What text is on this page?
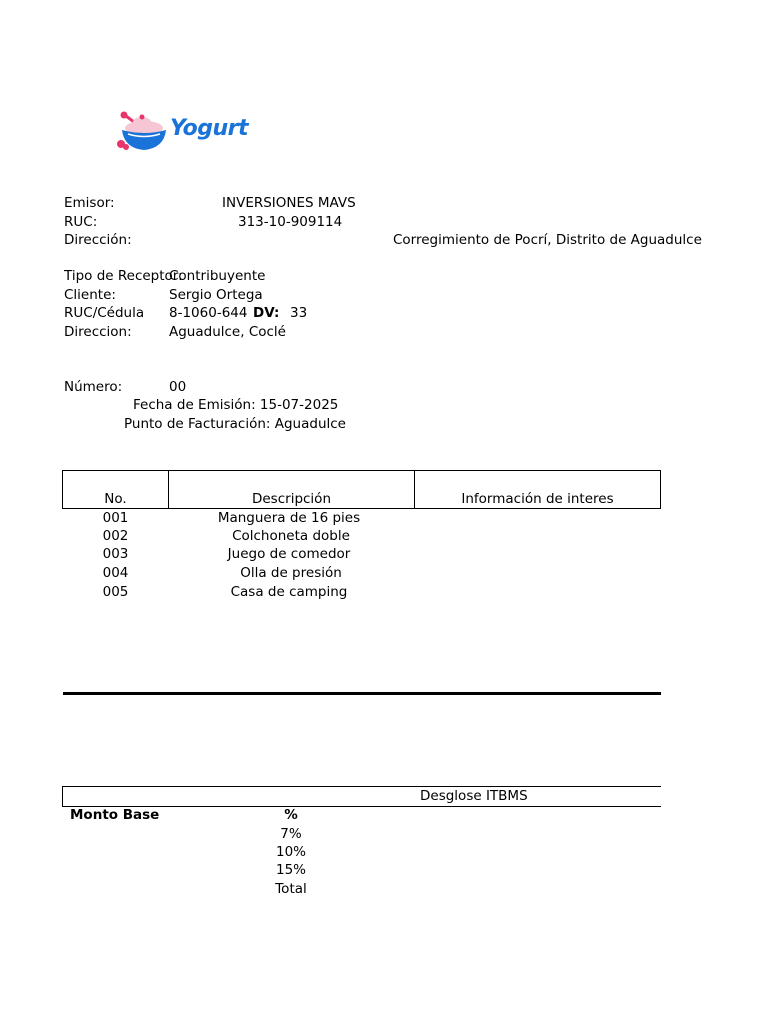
Yogurt
Emisor:	INVERSIONES MAVS
RUC:	313-10-909114
Dirección:	Corregimiento de Pocrí, Distrito de Aguadulce
Tipo de Receptor:
Contribuyente
Cliente:	Sergio Ortega
RUC/Cédula 8-1060-644 DV: 33
Direccion:	Aguadulce, Coclé
Número:	00
Fecha de Emisión: 15-07-2025
Punto de Facturación: Aguadulce
No.	Descripción	Información de interes
001	Manguera de 16 pies
002	Colchoneta doble
003	Juego de comedor
004	Olla de presión
005	Casa de camping
Desglose ITBMS
Monto Base	%
7%
10%
15%
Total
